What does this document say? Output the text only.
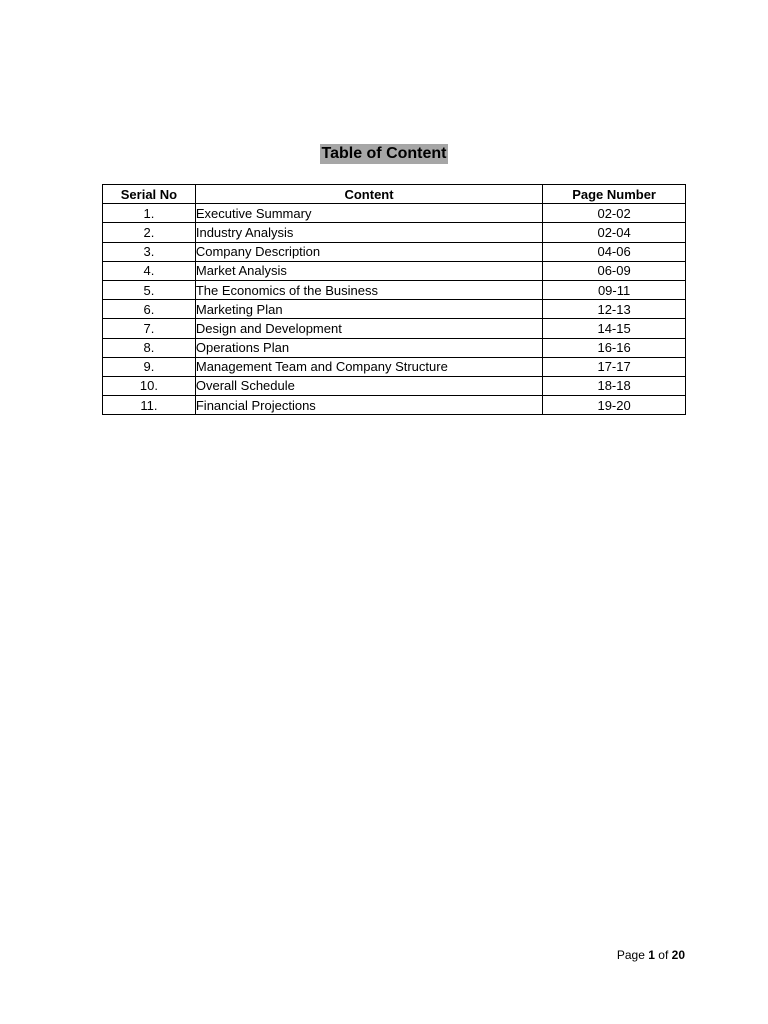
Table of Content
Serial No	Content	Page Number
1.	Executive Summary	02-02
2.	Industry Analysis	02-04
3.	Company Description	04-06
4.	Market Analysis	06-09
5.	The Economics of the Business	09-11
6.	Marketing Plan	12-13
7.	Design and Development	14-15
8.	Operations Plan	16-16
9.	Management Team and Company Structure	17-17
10.	Overall Schedule	18-18
11.	Financial Projections	19-20
Page 1 of 20
